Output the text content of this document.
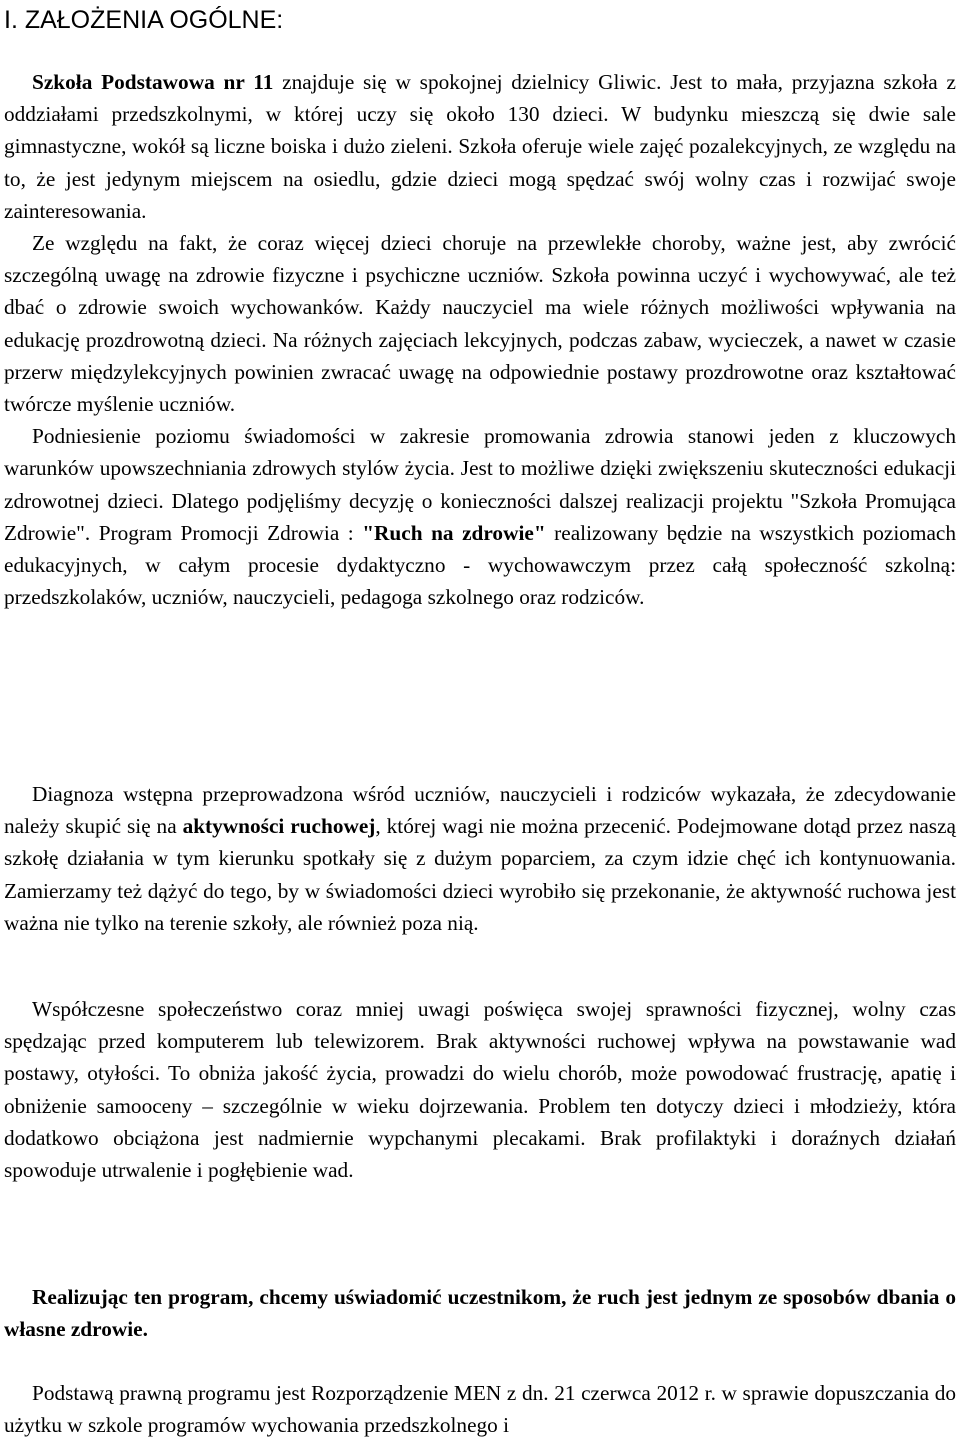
I. ZAŁOŻENIA OGÓLNE:

Szkoła Podstawowa nr 11 znajduje się w spokojnej dzielnicy Gliwic. Jest to mała, przyjazna szkoła z oddziałami przedszkolnymi, w której uczy się około 130 dzieci. W budynku mieszczą się dwie sale gimnastyczne, wokół są liczne boiska i dużo zieleni. Szkoła oferuje wiele zajęć pozalekcyjnych, ze względu na to, że jest jedynym miejscem na osiedlu, gdzie dzieci mogą spędzać swój wolny czas i rozwijać swoje zainteresowania.
Ze względu na fakt, że coraz więcej dzieci choruje na przewlekłe choroby, ważne jest, aby zwrócić szczególną uwagę na zdrowie fizyczne i psychiczne uczniów. Szkoła powinna uczyć i wychowywać, ale też dbać o zdrowie swoich wychowanków. Każdy nauczyciel ma wiele różnych możliwości wpływania na edukację prozdrowotną dzieci. Na różnych zajęciach lekcyjnych, podczas zabaw, wycieczek, a nawet w czasie przerw międzylekcyjnych powinien zwracać uwagę na odpowiednie postawy prozdrowotne oraz kształtować twórcze myślenie uczniów.
Podniesienie poziomu świadomości w zakresie promowania zdrowia stanowi jeden z kluczowych warunków upowszechniania zdrowych stylów życia. Jest to możliwe dzięki zwiększeniu skuteczności edukacji zdrowotnej dzieci. Dlatego podjęliśmy decyzję o konieczności dalszej realizacji projektu "Szkoła Promująca Zdrowie". Program Promocji Zdrowia : "Ruch na zdrowie" realizowany będzie na wszystkich poziomach edukacyjnych, w całym procesie dydaktyczno - wychowawczym przez całą społeczność szkolną: przedszkolaków, uczniów, nauczycieli, pedagoga szkolnego oraz rodziców.

Diagnoza wstępna przeprowadzona wśród uczniów, nauczycieli i rodziców wykazała, że zdecydowanie należy skupić się na aktywności ruchowej, której wagi nie można przecenić. Podejmowane dotąd przez naszą szkołę działania w tym kierunku spotkały się z dużym poparciem, za czym idzie chęć ich kontynuowania. Zamierzamy też dążyć do tego, by w świadomości dzieci wyrobiło się przekonanie, że aktywność ruchowa jest ważna nie tylko na terenie szkoły, ale również poza nią.

Współczesne społeczeństwo coraz mniej uwagi poświęca swojej sprawności fizycznej, wolny czas spędzając przed komputerem lub telewizorem. Brak aktywności ruchowej wpływa na powstawanie wad postawy, otyłości. To obniża jakość życia, prowadzi do wielu chorób, może powodować frustrację, apatię i obniżenie samooceny – szczególnie w wieku dojrzewania. Problem ten dotyczy dzieci i młodzieży, która dodatkowo obciążona jest nadmiernie wypchanymi plecakami. Brak profilaktyki i doraźnych działań spowoduje utrwalenie i pogłębienie wad.

Realizując ten program, chcemy uświadomić uczestnikom, że ruch jest jednym ze sposobów dbania o własne zdrowie.

Podstawą prawną programu jest Rozporządzenie MEN z dn. 21 czerwca 2012 r. w sprawie dopuszczania do użytku w szkole programów wychowania przedszkolnego i
